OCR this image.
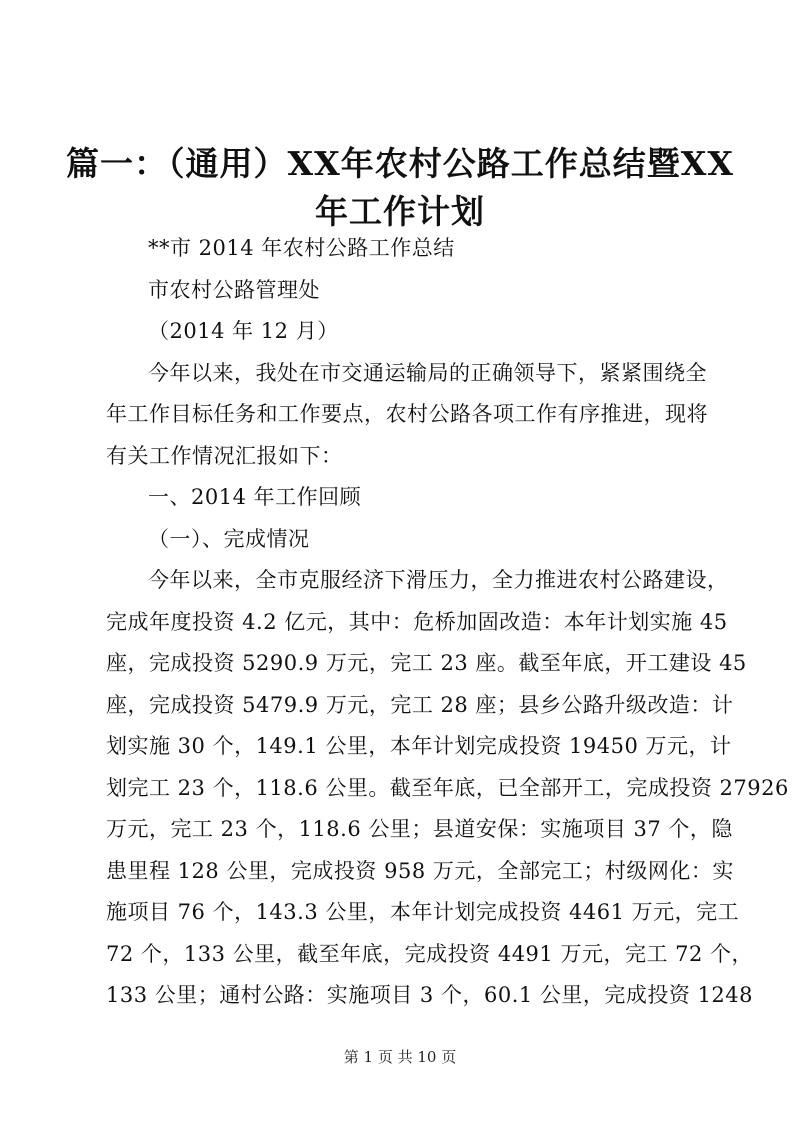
篇一：（通用）XX年农村公路工作总结暨XX
年工作计划
**市 2014 年农村公路工作总结
市农村公路管理处
（2014 年 12 月）
今年以来，我处在市交通运输局的正确领导下，紧紧围绕全
年工作目标任务和工作要点，农村公路各项工作有序推进，现将
有关工作情况汇报如下：
一、2014 年工作回顾
（一）、完成情况
今年以来，全市克服经济下滑压力，全力推进农村公路建设，
完成年度投资 4.2 亿元，其中：危桥加固改造：本年计划实施 45
座，完成投资 5290.9 万元，完工 23 座。截至年底，开工建设 45
座，完成投资 5479.9 万元，完工 28 座；县乡公路升级改造：计
划实施 30 个，149.1 公里，本年计划完成投资 19450 万元，计
划完工 23 个，118.6 公里。截至年底，已全部开工，完成投资 27926
万元，完工 23 个，118.6 公里；县道安保：实施项目 37 个，隐
患里程 128 公里，完成投资 958 万元，全部完工；村级网化：实
施项目 76 个，143.3 公里，本年计划完成投资 4461 万元，完工
72 个，133 公里，截至年底，完成投资 4491 万元，完工 72 个，
133 公里；通村公路：实施项目 3 个，60.1 公里，完成投资 1248
第 1 页 共 10 页
